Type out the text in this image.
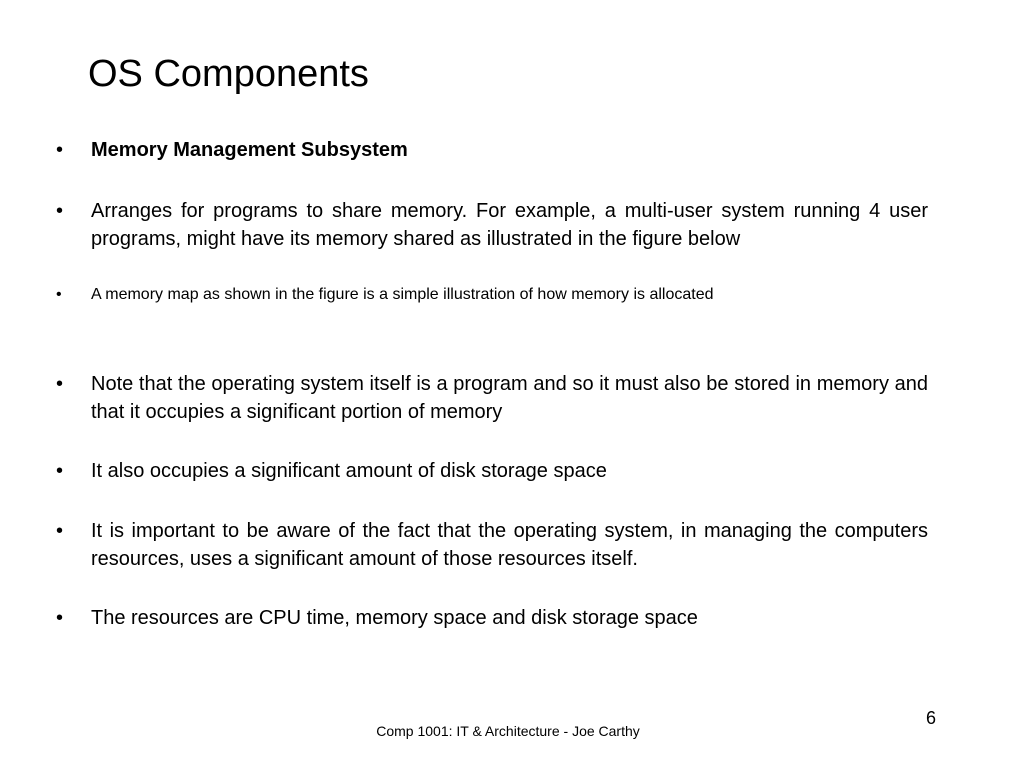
OS Components
•	Memory Management Subsystem
•	Arranges for programs to share memory. For example, a multi-user system running 4 user programs, might have its memory shared as illustrated in the figure below
•	A memory map as shown in the figure is a simple illustration of how memory is allocated
•	Note that the operating system itself is a program and so it must also be stored in memory and that it occupies a significant portion of memory
•	It also occupies a significant amount of disk storage space
•	It is important to be aware of the fact that the operating system, in managing the computers resources, uses a significant amount of those resources itself.
•	The resources are CPU time, memory space and disk storage space
6
Comp 1001: IT & Architecture - Joe Carthy
